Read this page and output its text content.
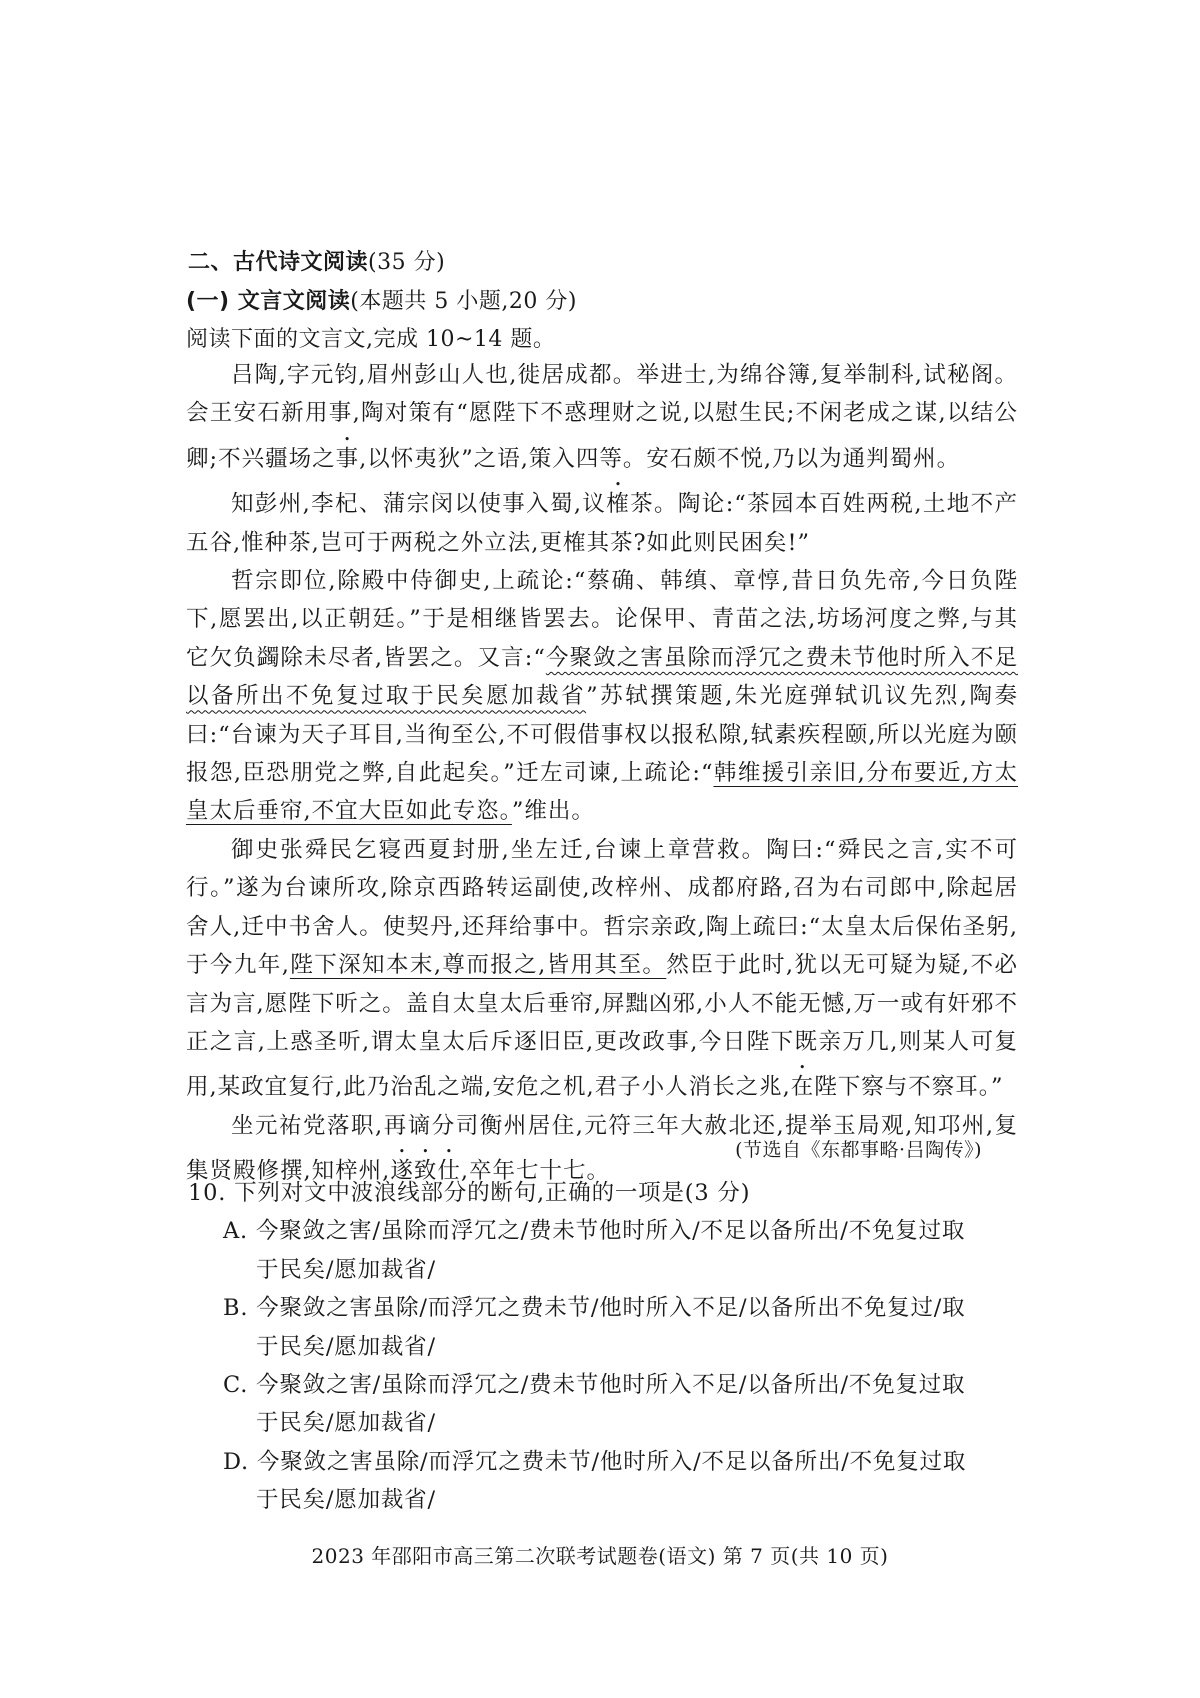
二、古代诗文阅读(35 分)
(一) 文言文阅读(本题共 5 小题,20 分)
阅读下面的文言文,完成 10~14 题。

吕陶,字元钧,眉州彭山人也,徙居成都。举进士,为绵谷簿,复举制科,试秘阁。会王安石新用事,陶对策有“愿陛下不惑理财之说,以慰生民;不闲老成之谋,以结公卿;不兴疆场之事,以怀夷狄”之语,策入四等。安石颇不悦,乃以为通判蜀州。

知彭州,李杞、蒲宗闵以使事入蜀,议榷茶。陶论:“茶园本百姓两税,土地不产五谷,惟种茶,岂可于两税之外立法,更榷其茶?如此则民困矣!”

哲宗即位,除殿中侍御史,上疏论:“蔡确、韩缜、章惇,昔日负先帝,今日负陛下,愿罢出,以正朝廷。”于是相继皆罢去。论保甲、青苗之法,坊场河度之弊,与其它欠负蠲除未尽者,皆罢之。又言:“今聚敛之害虽除而浮冗之费未节他时所入不足以备所出不免复过取于民矣愿加裁省”苏轼撰策题,朱光庭弹轼讥议先烈,陶奏曰:“台谏为天子耳目,当徇至公,不可假借事权以报私隙,轼素疾程颐,所以光庭为颐报怨,臣恐朋党之弊,自此起矣。”迁左司谏,上疏论:“韩维援引亲旧,分布要近,方太皇太后垂帘,不宜大臣如此专恣。”维出。

御史张舜民乞寝西夏封册,坐左迁,台谏上章营救。陶曰:“舜民之言,实不可行。”遂为台谏所攻,除京西路转运副使,改梓州、成都府路,召为右司郎中,除起居舍人,迁中书舍人。使契丹,还拜给事中。哲宗亲政,陶上疏曰:“太皇太后保佑圣躬,于今九年,陛下深知本末,尊而报之,皆用其至。然臣于此时,犹以无可疑为疑,不必言为言,愿陛下听之。盖自太皇太后垂帘,屏黜凶邪,小人不能无憾,万一或有奸邪不正之言,上惑圣听,谓太皇太后斥逐旧臣,更改政事,今日陛下既亲万几,则某人可复用,某政宜复行,此乃治乱之端,安危之机,君子小人消长之兆,在陛下察与不察耳。”

坐元祐党落职,再谪分司衡州居住,元符三年大赦北还,提举玉局观,知邛州,复集贤殿修撰,知梓州,遂致仕,卒年七十七。

(节选自《东都事略·吕陶传》)

10. 下列对文中波浪线部分的断句,正确的一项是(3 分)

A. 今聚敛之害/虽除而浮冗之/费未节他时所入/不足以备所出/不免复过取
于民矣/愿加裁省/

B. 今聚敛之害虽除/而浮冗之费未节/他时所入不足/以备所出不免复过/取
于民矣/愿加裁省/

C. 今聚敛之害/虽除而浮冗之/费未节他时所入不足/以备所出/不免复过取
于民矣/愿加裁省/

D. 今聚敛之害虽除/而浮冗之费未节/他时所入/不足以备所出/不免复过取
于民矣/愿加裁省/

2023 年邵阳市高三第二次联考试题卷(语文) 第 7 页(共 10 页)
